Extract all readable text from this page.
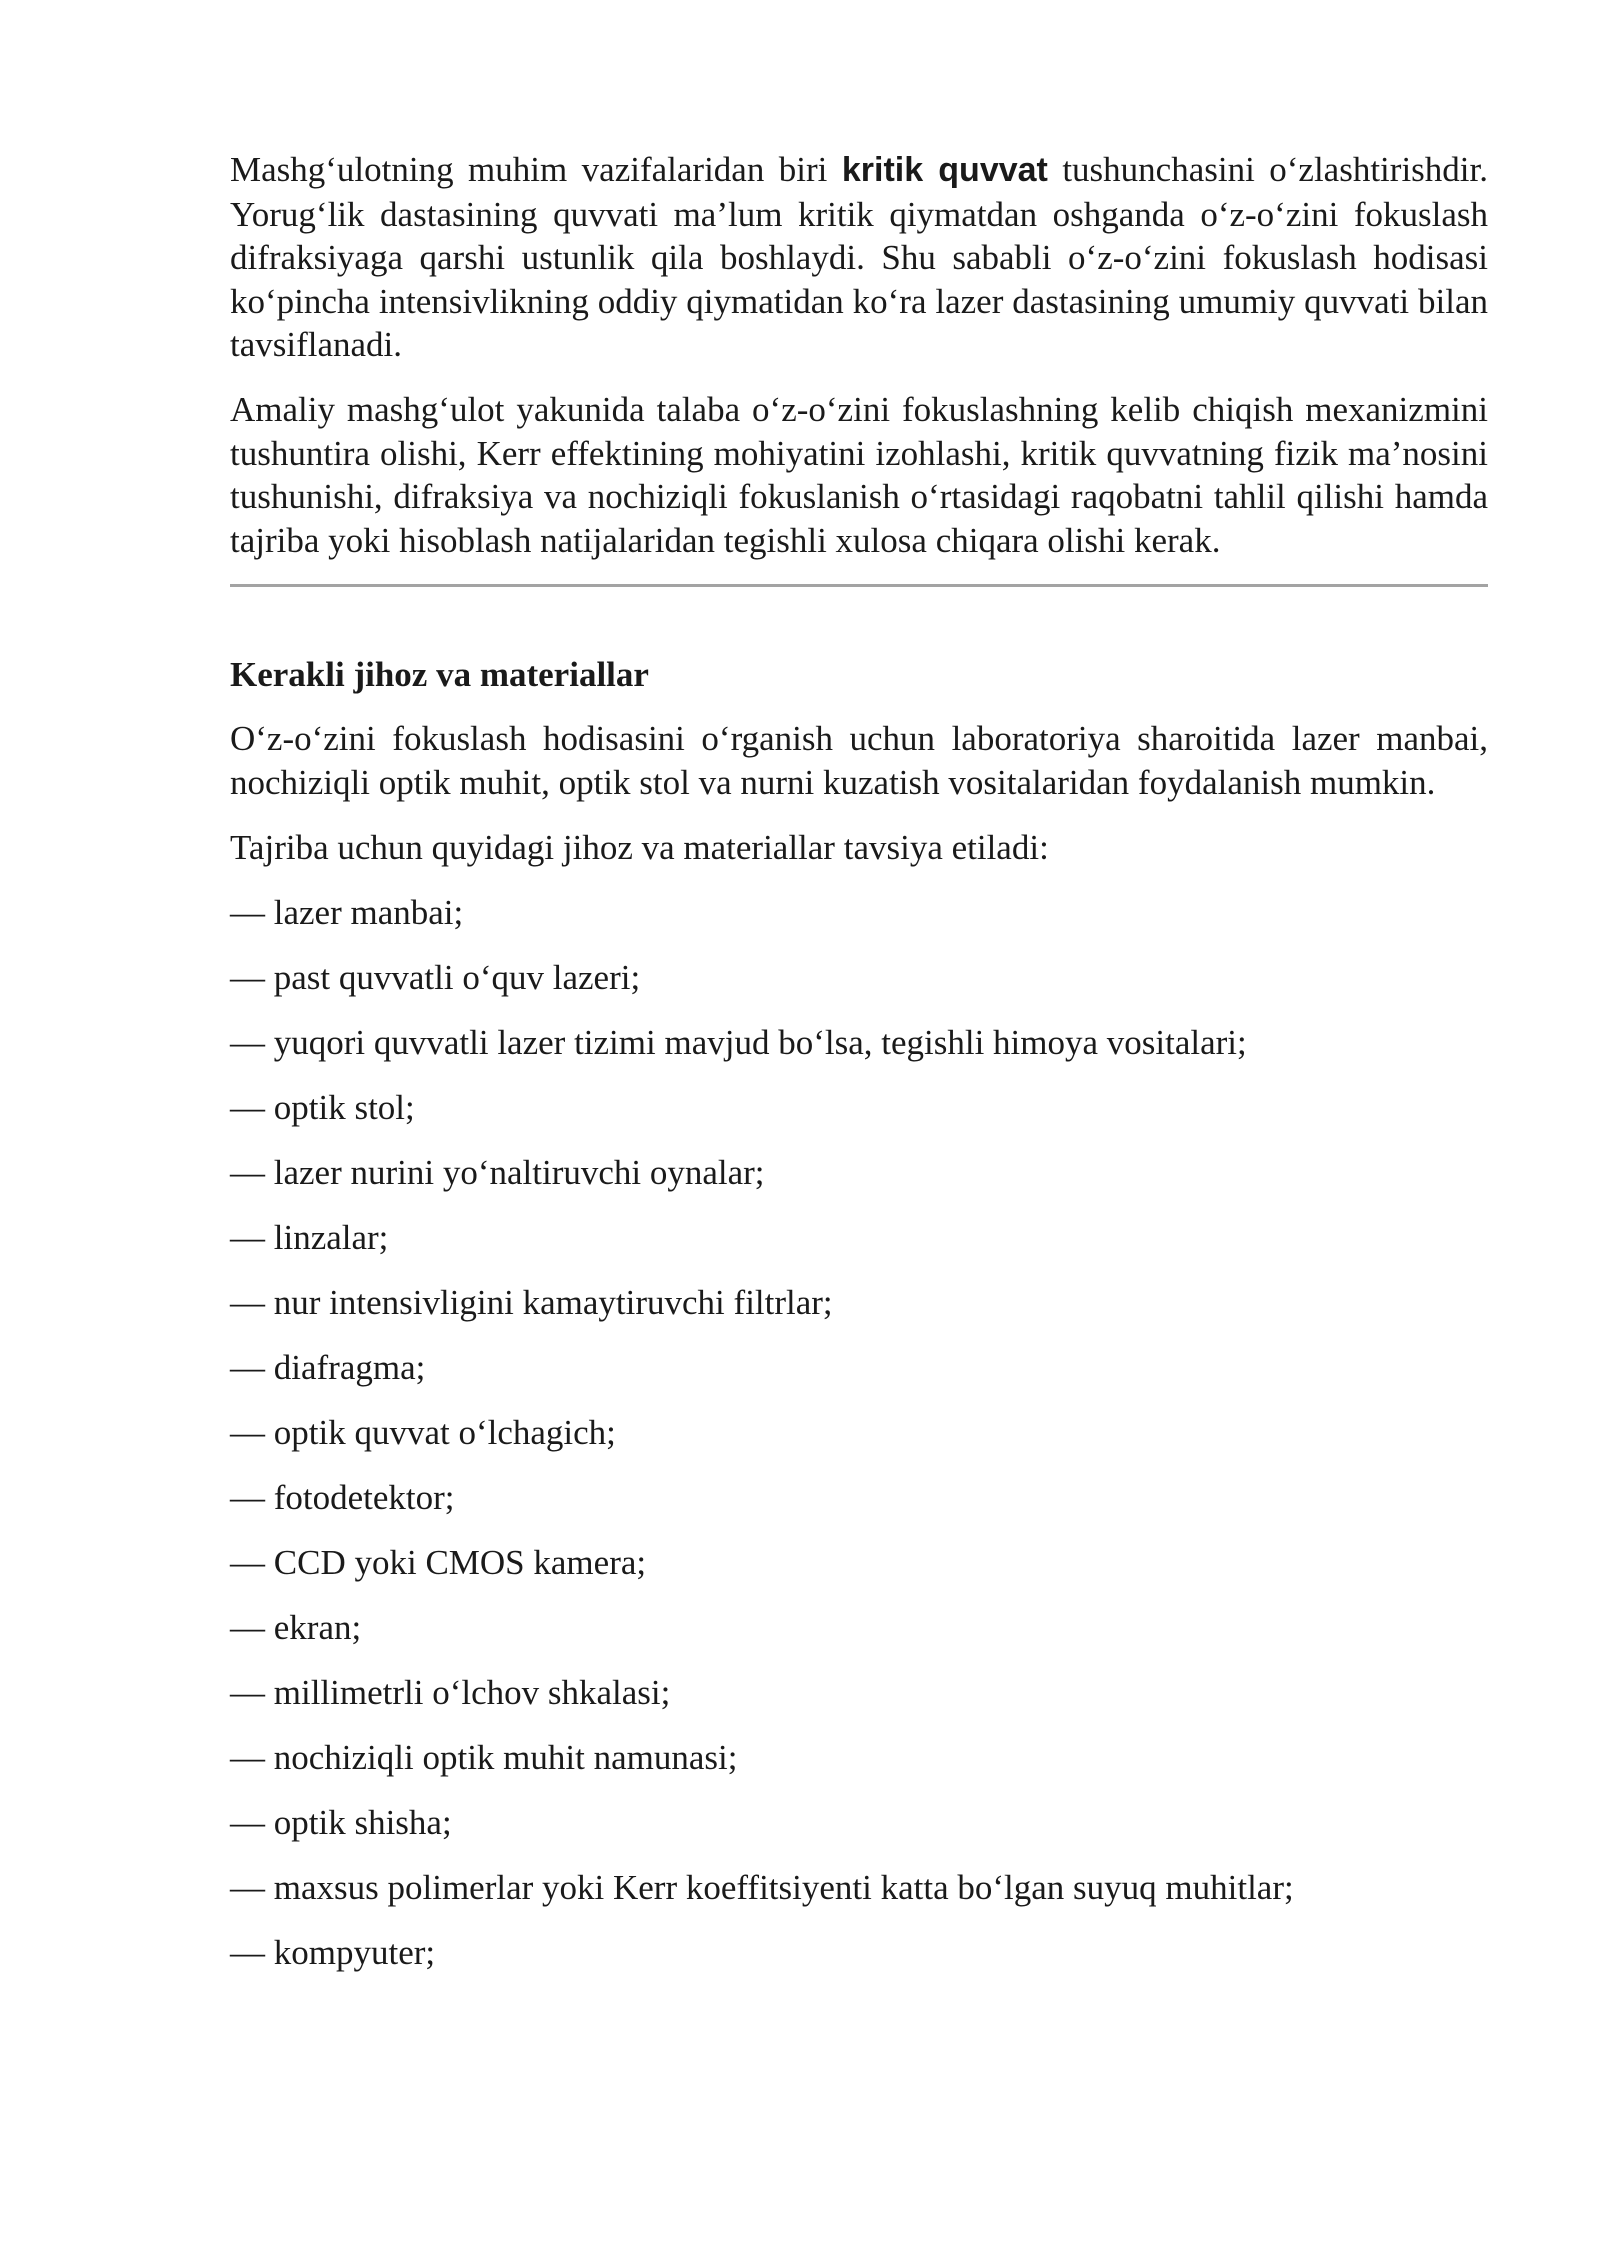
Mashg‘ulotning muhim vazifalaridan biri kritik quvvat tushunchasini o‘zlashtirishdir. Yorug‘lik dastasining quvvati ma’lum kritik qiymatdan oshganda o‘z-o‘zini fokuslash difraksiyaga qarshi ustunlik qila boshlaydi. Shu sababli o‘z-o‘zini fokuslash hodisasi ko‘pincha intensivlikning oddiy qiymatidan ko‘ra lazer dastasining umumiy quvvati bilan tavsiflanadi.

Amaliy mashg‘ulot yakunida talaba o‘z-o‘zini fokuslashning kelib chiqish mexanizmini tushuntira olishi, Kerr effektining mohiyatini izohlashi, kritik quvvatning fizik ma’nosini tushunishi, difraksiya va nochiziqli fokuslanish o‘rtasidagi raqobatni tahlil qilishi hamda tajriba yoki hisoblash natijalaridan tegishli xulosa chiqara olishi kerak.

Kerakli jihoz va materiallar

O‘z-o‘zini fokuslash hodisasini o‘rganish uchun laboratoriya sharoitida lazer manbai, nochiziqli optik muhit, optik stol va nurni kuzatish vositalaridan foydalanish mumkin.

Tajriba uchun quyidagi jihoz va materiallar tavsiya etiladi:

— lazer manbai;
— past quvvatli o‘quv lazeri;
— yuqori quvvatli lazer tizimi mavjud bo‘lsa, tegishli himoya vositalari;
— optik stol;
— lazer nurini yo‘naltiruvchi oynalar;
— linzalar;
— nur intensivligini kamaytiruvchi filtrlar;
— diafragma;
— optik quvvat o‘lchagich;
— fotodetektor;
— CCD yoki CMOS kamera;
— ekran;
— millimetrli o‘lchov shkalasi;
— nochiziqli optik muhit namunasi;
— optik shisha;
— maxsus polimerlar yoki Kerr koeffitsiyenti katta bo‘lgan suyuq muhitlar;
— kompyuter;
